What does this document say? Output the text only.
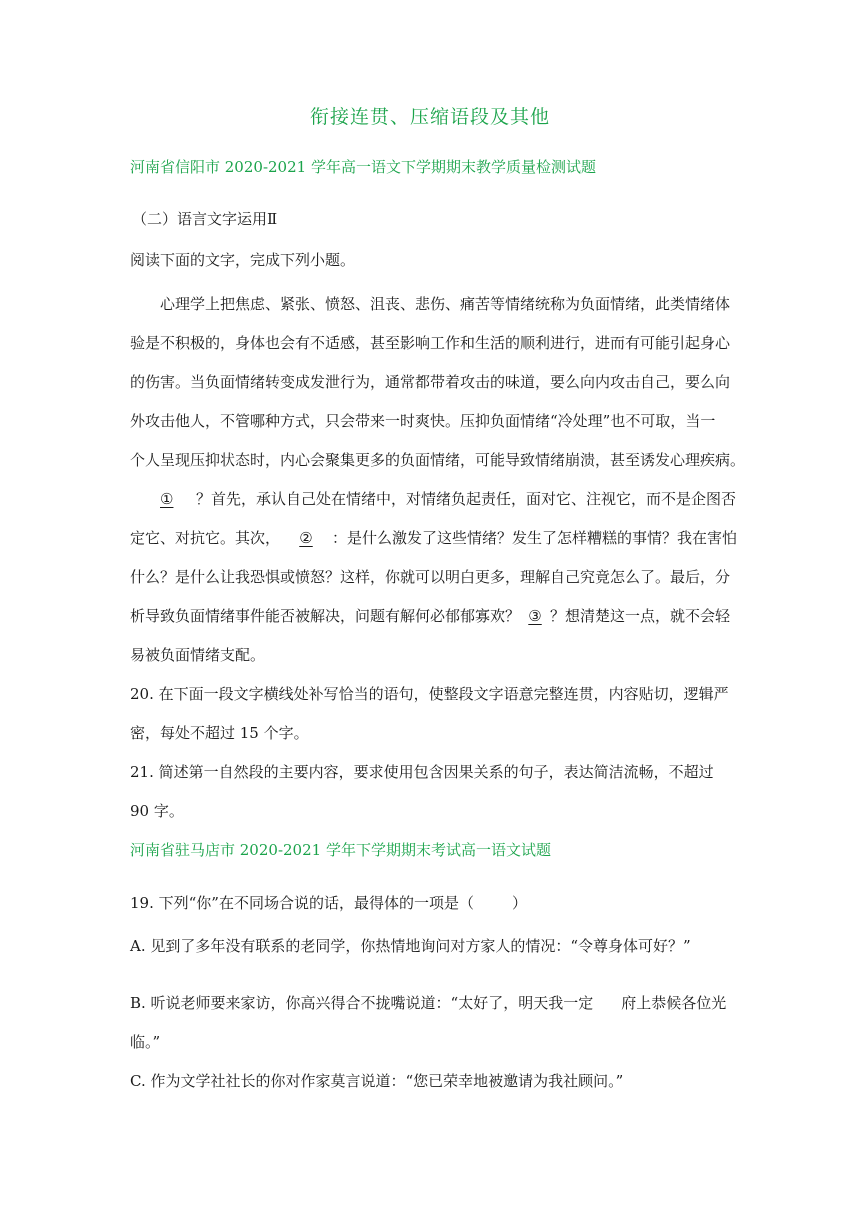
衔接连贯、压缩语段及其他
河南省信阳市 2020-2021 学年高一语文下学期期末教学质量检测试题
（二）语言文字运用Ⅱ
阅读下面的文字，完成下列小题。
心理学上把焦虑、紧张、愤怒、沮丧、悲伤、痛苦等情绪统称为负面情绪，此类情绪体
验是不积极的，身体也会有不适感，甚至影响工作和生活的顺利进行，进而有可能引起身心
的伤害。当负面情绪转变成发泄行为，通常都带着攻击的味道，要么向内攻击自己，要么向
外攻击他人，不管哪种方式，只会带来一时爽快。压抑负面情绪“冷处理”也不可取，当一
个人呈现压抑状态时，内心会聚集更多的负面情绪，可能导致情绪崩溃，甚至诱发心理疾病。
① ？首先，承认自己处在情绪中，对情绪负起责任，面对它、注视它，而不是企图否
定它、对抗它。其次， ② ：是什么激发了这些情绪？发生了怎样糟糕的事情？我在害怕
什么？是什么让我恐惧或愤怒？这样，你就可以明白更多，理解自己究竟怎么了。最后，分
析导致负面情绪事件能否被解决，问题有解何必郁郁寡欢？ ③ ？想清楚这一点，就不会轻
易被负面情绪支配。
20. 在下面一段文字横线处补写恰当的语句，使整段文字语意完整连贯，内容贴切，逻辑严
密，每处不超过 15 个字。
21. 简述第一自然段的主要内容，要求使用包含因果关系的句子，表达简洁流畅，不超过
90 字。
河南省驻马店市 2020-2021 学年下学期期末考试高一语文试题
19. 下列“你”在不同场合说的话，最得体的一项是（	）
A. 见到了多年没有联系的老同学，你热情地询问对方家人的情况：“令尊身体可好？”
B. 听说老师要来家访，你高兴得合不拢嘴说道：“太好了，明天我一定 府上恭候各位光
临。”
C. 作为文学社社长的你对作家莫言说道：“您已荣幸地被邀请为我社顾问。”
